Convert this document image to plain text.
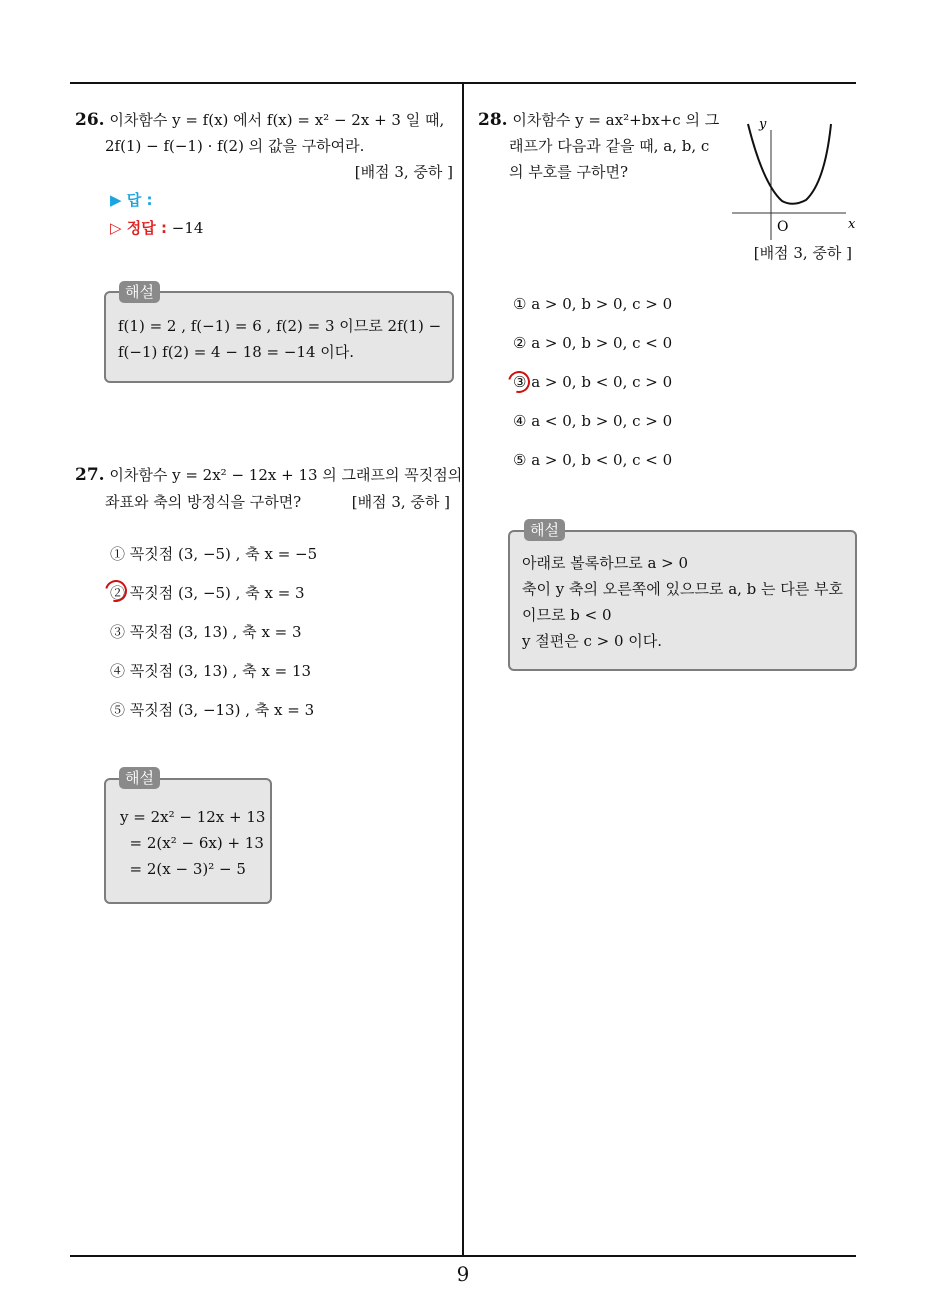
26. 이차함수 y = f(x) 에서 f(x) = x² − 2x + 3 일 때,
2f(1) − f(−1) · f(2) 의 값을 구하여라.
[배점 3, 중하 ]
▶ 답 :
▷ 정답 : −14
f(1) = 2 , f(−1) = 6 , f(2) = 3 이므로 2f(1) −
f(−1) f(2) = 4 − 18 = −14 이다.
해설
27. 이차함수 y = 2x² − 12x + 13 의 그래프의 꼭짓점의
좌표와 축의 방정식을 구하면?	[배점 3, 중하 ]
① 꼭짓점 (3, −5) , 축 x = −5
② 꼭짓점 (3, −5) , 축 x = 3
③ 꼭짓점 (3, 13) , 축 x = 3
④ 꼭짓점 (3, 13) , 축 x = 13
⑤ 꼭짓점 (3, −13) , 축 x = 3
y = 2x² − 12x + 13
= 2(x² − 6x) + 13
= 2(x − 3)² − 5
해설
28. 이차함수 y = ax²+bx+c 의 그
래프가 다음과 같을 때, a, b, c
의 부호를 구하면?
y
x
O
[배점 3, 중하 ]
① a > 0, b > 0, c > 0
② a > 0, b > 0, c < 0
③ a > 0, b < 0, c > 0
④ a < 0, b > 0, c > 0
⑤ a > 0, b < 0, c < 0
아래로 볼록하므로 a > 0
축이 y 축의 오른쪽에 있으므로 a, b 는 다른 부호
이므로 b < 0
y 절편은 c > 0 이다.
해설
9
